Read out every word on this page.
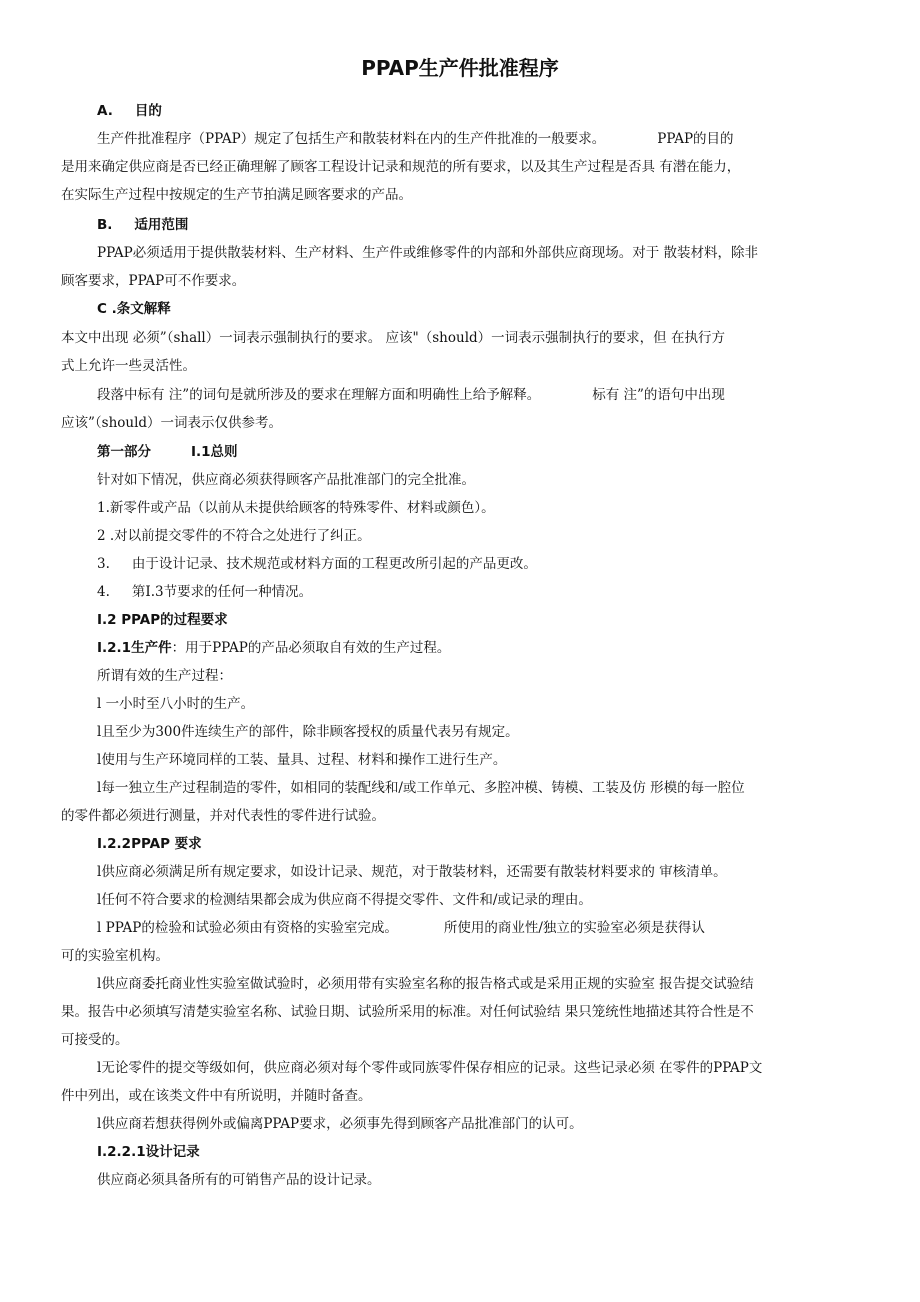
PPAP生产件批准程序
A. 目的
生产件批准程序（PPAP）规定了包括生产和散装材料在内的生产件批准的一般要求。	PPAP的目的
是用来确定供应商是否已经正确理解了顾客工程设计记录和规范的所有要求，以及其生产过程是否具 有潜在能力，
在实际生产过程中按规定的生产节拍满足顾客要求的产品。
B. 适用范围
PPAP必须适用于提供散装材料、生产材料、生产件或维修零件的内部和外部供应商现场。对于 散装材料，除非
顾客要求，PPAP可不作要求。
C .条文解释
本文中出现 必须”（shall）一词表示强制执行的要求。 应该"（should）一词表示强制执行的要求，但 在执行方
式上允许一些灵活性。
段落中标有 注”的词句是就所涉及的要求在理解方面和明确性上给予解释。	标有 注”的语句中出现
应该”（should）一词表示仅供参考。
第一部分	I.1总则
针对如下情况，供应商必须获得顾客产品批准部门的完全批准。
1.新零件或产品（以前从未提供给顾客的特殊零件、材料或颜色）。
2 .对以前提交零件的不符合之处进行了纠正。
3. 由于设计记录、技术规范或材料方面的工程更改所引起的产品更改。
4. 第I.3节要求的任何一种情况。
I.2 PPAP的过程要求
I.2.1生产件：用于PPAP的产品必须取自有效的生产过程。
所谓有效的生产过程：
l 一小时至八小时的生产。
l且至少为300件连续生产的部件，除非顾客授权的质量代表另有规定。
l使用与生产环境同样的工装、量具、过程、材料和操作工进行生产。
l每一独立生产过程制造的零件，如相同的装配线和/或工作单元、多腔冲模、铸模、工装及仿 形模的每一腔位
的零件都必须进行测量，并对代表性的零件进行试验。
I.2.2PPAP 要求
l供应商必须满足所有规定要求，如设计记录、规范，对于散装材料，还需要有散装材料要求的 审核清单。
l任何不符合要求的检测结果都会成为供应商不得提交零件、文件和/或记录的理由。
l PPAP的检验和试验必须由有资格的实验室完成。	所使用的商业性/独立的实验室必须是获得认
可的实验室机构。
l供应商委托商业性实验室做试验时，必须用带有实验室名称的报告格式或是采用正规的实验室 报告提交试验结
果。报告中必须填写清楚实验室名称、试验日期、试验所采用的标准。对任何试验结 果只笼统性地描述其符合性是不
可接受的。
l无论零件的提交等级如何，供应商必须对每个零件或同族零件保存相应的记录。这些记录必须 在零件的PPAP文
件中列出，或在该类文件中有所说明，并随时备查。
l供应商若想获得例外或偏离PPAP要求，必须事先得到顾客产品批准部门的认可。
I.2.2.1设计记录
供应商必须具备所有的可销售产品的设计记录。
